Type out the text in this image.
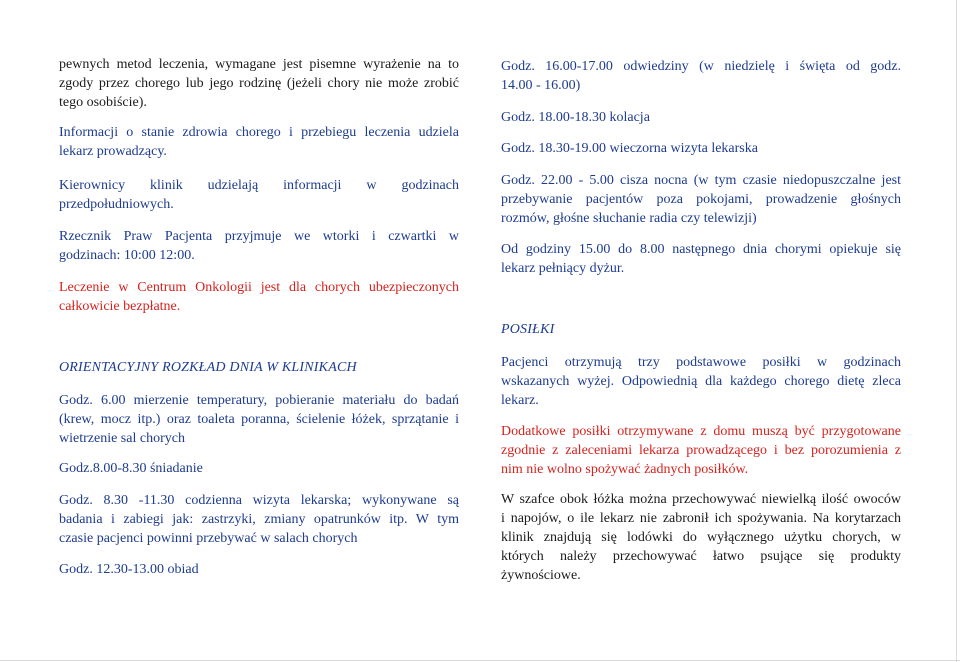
pewnych metod leczenia, wymagane jest pisemne wyrażenie na to
zgody przez chorego lub jego rodzinę (jeżeli chory nie może zrobić
tego osobiście).

Informacji o stanie zdrowia chorego i przebiegu leczenia udziela
lekarz prowadzący.

Kierownicy klinik udzielają informacji w godzinach
przedpołudniowych.

Rzecznik Praw Pacjenta przyjmuje we wtorki i czwartki w
godzinach: 10:00 12:00.

Leczenie w Centrum Onkologii jest dla chorych ubezpieczonych
całkowicie bezpłatne.

ORIENTACYJNY ROZKŁAD DNIA W KLINIKACH

Godz. 6.00 mierzenie temperatury, pobieranie materiału do badań
(krew, mocz itp.) oraz toaleta poranna, ścielenie łóżek, sprzątanie i
wietrzenie sal chorych

Godz.8.00-8.30 śniadanie

Godz. 8.30 -11.30 codzienna wizyta lekarska; wykonywane są
badania i zabiegi jak: zastrzyki, zmiany opatrunków itp. W tym
czasie pacjenci powinni przebywać w salach chorych

Godz. 12.30-13.00 obiad

Godz. 16.00-17.00 odwiedziny (w niedzielę i święta od godz.
14.00 - 16.00)

Godz. 18.00-18.30 kolacja

Godz. 18.30-19.00 wieczorna wizyta lekarska

Godz. 22.00 - 5.00 cisza nocna (w tym czasie niedopuszczalne jest
przebywanie pacjentów poza pokojami, prowadzenie głośnych
rozmów, głośne słuchanie radia czy telewizji)

Od godziny 15.00 do 8.00 następnego dnia chorymi opiekuje się
lekarz pełniący dyżur.

POSIŁKI

Pacjenci otrzymują trzy podstawowe posiłki w godzinach
wskazanych wyżej. Odpowiednią dla każdego chorego dietę zleca
lekarz.

Dodatkowe posiłki otrzymywane z domu muszą być przygotowane
zgodnie z zaleceniami lekarza prowadzącego i bez porozumienia z
nim nie wolno spożywać żadnych posiłków.

W szafce obok łóżka można przechowywać niewielką ilość owoców
i napojów, o ile lekarz nie zabronił ich spożywania. Na korytarzach
klinik znajdują się lodówki do wyłącznego użytku chorych, w
których należy przechowywać łatwo psujące się produkty
żywnościowe.
